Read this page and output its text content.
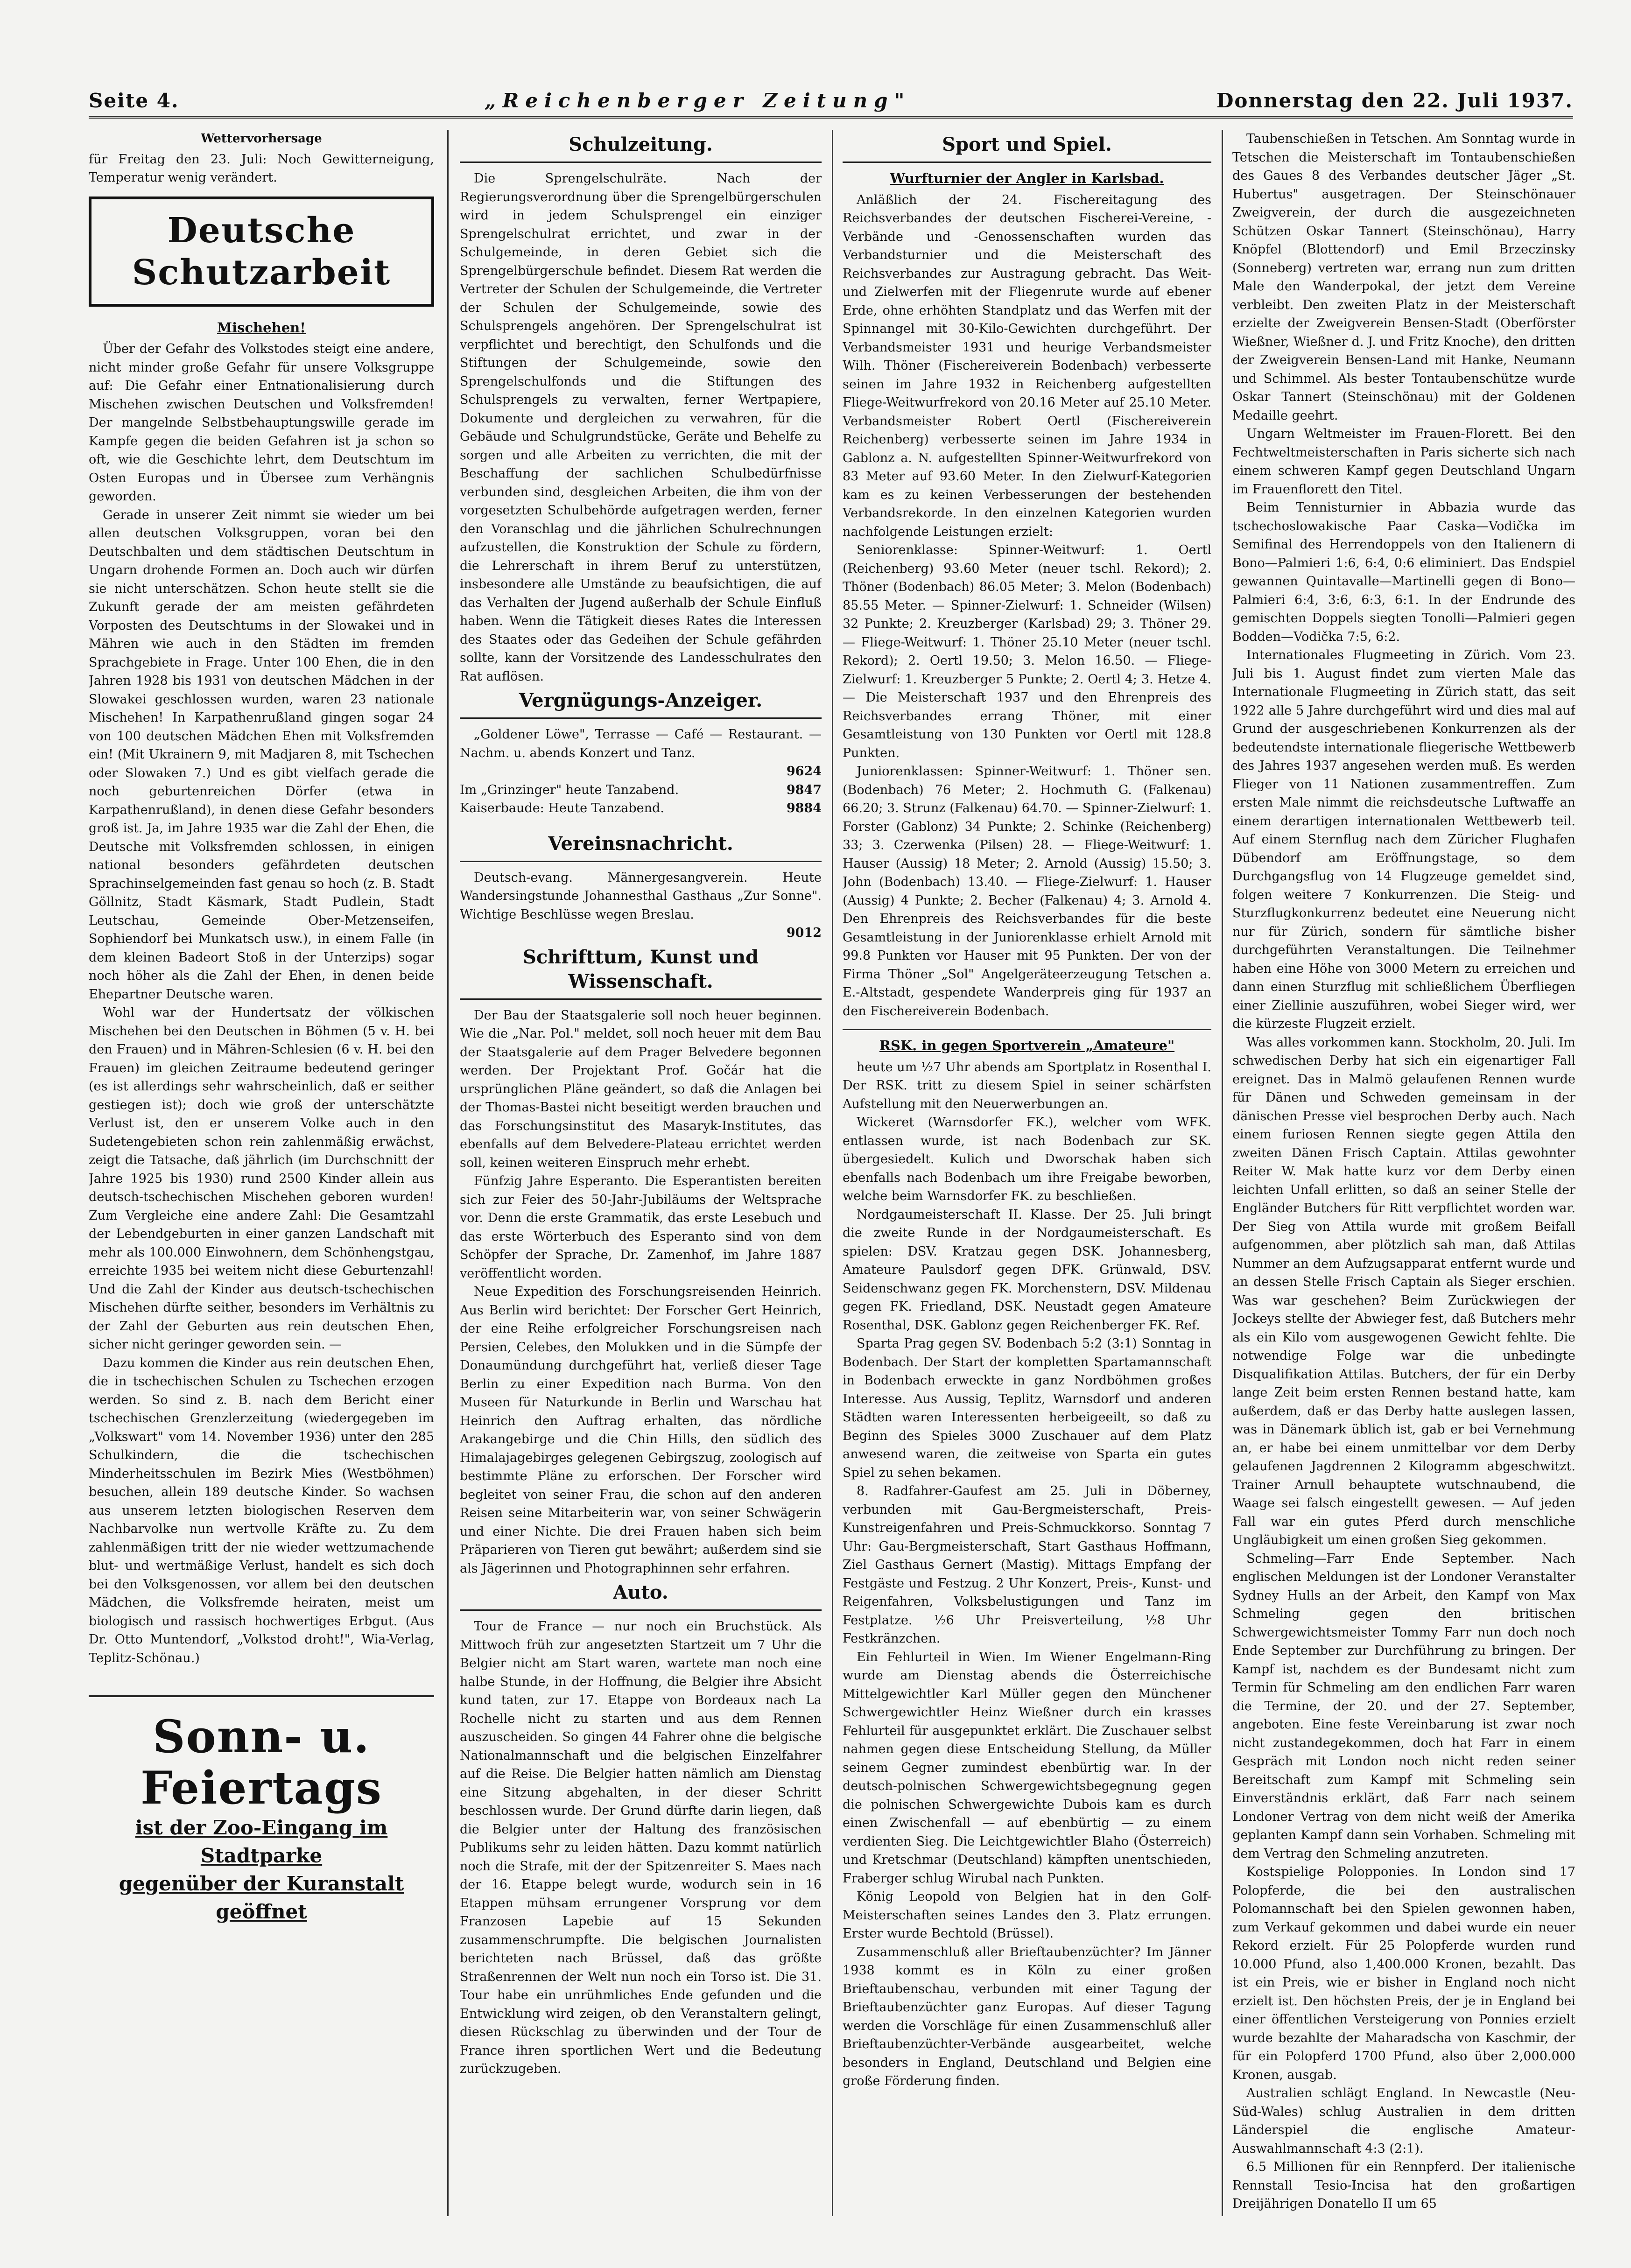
Seite 4.	„Reichenberger Zeitung"	Donnerstag den 22. Juli 1937.
Wettervorhersage

für Freitag den 23. Juli: Noch Gewitterneigung, Temperatur wenig verändert.

Deutsche Schutzarbeit
Mischehen!

Über der Gefahr des Volkstodes steigt eine andere, nicht minder große Gefahr für unsere Volksgruppe auf: Die Gefahr einer Entnationalisierung durch Mischehen zwischen Deutschen und Volksfremden! Der mangelnde Selbstbehauptungswille gerade im Kampfe gegen die beiden Gefahren ist ja schon so oft, wie die Geschichte lehrt, dem Deutschtum im Osten Europas und in Übersee zum Verhängnis geworden.

Gerade in unserer Zeit nimmt sie wieder um bei allen deutschen Volksgruppen, voran bei den Deutschbalten und dem städtischen Deutschtum in Ungarn drohende Formen an. Doch auch wir dürfen sie nicht unterschätzen. Schon heute stellt sie die Zukunft gerade der am meisten gefährdeten Vorposten des Deutschtums in der Slowakei und in Mähren wie auch in den Städten im fremden Sprachgebiete in Frage. Unter 100 Ehen, die in den Jahren 1928 bis 1931 von deutschen Mädchen in der Slowakei geschlossen wurden, waren 23 nationale Mischehen! In Karpathenrußland gingen sogar 24 von 100 deutschen Mädchen Ehen mit Volksfremden ein! (Mit Ukrainern 9, mit Madjaren 8, mit Tschechen oder Slowaken 7.) Und es gibt vielfach gerade die noch geburtenreichen Dörfer (etwa in Karpathenrußland), in denen diese Gefahr besonders groß ist. Ja, im Jahre 1935 war die Zahl der Ehen, die Deutsche mit Volksfremden schlossen, in einigen national besonders gefährdeten deutschen Sprachinselgemeinden fast genau so hoch (z. B. Stadt Göllnitz, Stadt Käsmark, Stadt Pudlein, Stadt Leutschau, Gemeinde Ober-Metzenseifen, Sophiendorf bei Munkatsch usw.), in einem Falle (in dem kleinen Badeort Stoß in der Unterzips) sogar noch höher als die Zahl der Ehen, in denen beide Ehepartner Deutsche waren.

Wohl war der Hundertsatz der völkischen Mischehen bei den Deutschen in Böhmen (5 v. H. bei den Frauen) und in Mähren-Schlesien (6 v. H. bei den Frauen) im gleichen Zeitraume bedeutend geringer (es ist allerdings sehr wahrscheinlich, daß er seither gestiegen ist); doch wie groß der unterschätzte Verlust ist, den er unserem Volke auch in den Sudetengebieten schon rein zahlenmäßig erwächst, zeigt die Tatsache, daß jährlich (im Durchschnitt der Jahre 1925 bis 1930) rund 2500 Kinder allein aus deutsch-tschechischen Mischehen geboren wurden! Zum Vergleiche eine andere Zahl: Die Gesamtzahl der Lebendgeburten in einer ganzen Landschaft mit mehr als 100.000 Einwohnern, dem Schönhengstgau, erreichte 1935 bei weitem nicht diese Geburtenzahl! Und die Zahl der Kinder aus deutsch-tschechischen Mischehen dürfte seither, besonders im Verhältnis zu der Zahl der Geburten aus rein deutschen Ehen, sicher nicht geringer geworden sein. —

Dazu kommen die Kinder aus rein deutschen Ehen, die in tschechischen Schulen zu Tschechen erzogen werden. So sind z. B. nach dem Bericht einer tschechischen Grenzlerzeitung (wiedergegeben im „Volkswart" vom 14. November 1936) unter den 285 Schulkindern, die die tschechischen Minderheitsschulen im Bezirk Mies (Westböhmen) besuchen, allein 189 deutsche Kinder. So wachsen aus unserem letzten biologischen Reserven dem Nachbarvolke nun wertvolle Kräfte zu. Zu dem zahlenmäßigen tritt der nie wieder wettzumachende blut- und wertmäßige Verlust, handelt es sich doch bei den Volksgenossen, vor allem bei den deutschen Mädchen, die Volksfremde heiraten, meist um biologisch und rassisch hochwertiges Erbgut. (Aus Dr. Otto Muntendorf, „Volkstod droht!", Wia-Verlag, Teplitz-Schönau.)

Sonn- u. Feiertags
ist der Zoo-Eingang im Stadtparke
gegenüber der Kuranstalt geöffnet
Schulzeitung.

Die Sprengelschulräte. Nach der Regierungsverordnung über die Sprengelbürgerschulen wird in jedem Schulsprengel ein einziger Sprengelschulrat errichtet, und zwar in der Schulgemeinde, in deren Gebiet sich die Sprengelbürgerschule befindet. Diesem Rat werden die Vertreter der Schulen der Schulgemeinde, die Vertreter der Schulen der Schulgemeinde, sowie des Schulsprengels angehören. Der Sprengelschulrat ist verpflichtet und berechtigt, den Schulfonds und die Stiftungen der Schulgemeinde, sowie den Sprengelschulfonds und die Stiftungen des Schulsprengels zu verwalten, ferner Wertpapiere, Dokumente und dergleichen zu verwahren, für die Gebäude und Schulgrundstücke, Geräte und Behelfe zu sorgen und alle Arbeiten zu verrichten, die mit der Beschaffung der sachlichen Schulbedürfnisse verbunden sind, desgleichen Arbeiten, die ihm von der vorgesetzten Schulbehörde aufgetragen werden, ferner den Voranschlag und die jährlichen Schulrechnungen aufzustellen, die Konstruktion der Schule zu fördern, die Lehrerschaft in ihrem Beruf zu unterstützen, insbesondere alle Umstände zu beaufsichtigen, die auf das Verhalten der Jugend außerhalb der Schule Einfluß haben. Wenn die Tätigkeit dieses Rates die Interessen des Staates oder das Gedeihen der Schule gefährden sollte, kann der Vorsitzende des Landesschulrates den Rat auflösen.

Vergnügungs-Anzeiger.

„Goldener Löwe", Terrasse — Café — Restaurant. — Nachm. u. abends Konzert und Tanz.

9624
Im „Grinzinger" heute Tanzabend.	9847
Kaiserbaude: Heute Tanzabend.	9884
Vereinsnachricht.

Deutsch-evang. Männergesangverein. Heute Wandersingstunde Johannesthal Gasthaus „Zur Sonne". Wichtige Beschlüsse wegen Breslau.

9012
Schrifttum, Kunst und Wissenschaft.

Der Bau der Staatsgalerie soll noch heuer beginnen. Wie die „Nar. Pol." meldet, soll noch heuer mit dem Bau der Staatsgalerie auf dem Prager Belvedere begonnen werden. Der Projektant Prof. Gočár hat die ursprünglichen Pläne geändert, so daß die Anlagen bei der Thomas-Bastei nicht beseitigt werden brauchen und das Forschungsinstitut des Masaryk-Institutes, das ebenfalls auf dem Belvedere-Plateau errichtet werden soll, keinen weiteren Einspruch mehr erhebt.

Fünfzig Jahre Esperanto. Die Esperantisten bereiten sich zur Feier des 50-Jahr-Jubiläums der Weltsprache vor. Denn die erste Grammatik, das erste Lesebuch und das erste Wörterbuch des Esperanto sind von dem Schöpfer der Sprache, Dr. Zamenhof, im Jahre 1887 veröffentlicht worden.

Neue Expedition des Forschungsreisenden Heinrich. Aus Berlin wird berichtet: Der Forscher Gert Heinrich, der eine Reihe erfolgreicher Forschungsreisen nach Persien, Celebes, den Molukken und in die Sümpfe der Donaumündung durchgeführt hat, verließ dieser Tage Berlin zu einer Expedition nach Burma. Von den Museen für Naturkunde in Berlin und Warschau hat Heinrich den Auftrag erhalten, das nördliche Arakangebirge und die Chin Hills, den südlich des Himalajagebirges gelegenen Gebirgszug, zoologisch auf bestimmte Pläne zu erforschen. Der Forscher wird begleitet von seiner Frau, die schon auf den anderen Reisen seine Mitarbeiterin war, von seiner Schwägerin und einer Nichte. Die drei Frauen haben sich beim Präparieren von Tieren gut bewährt; außerdem sind sie als Jägerinnen und Photographinnen sehr erfahren.

Auto.

Tour de France — nur noch ein Bruchstück. Als Mittwoch früh zur angesetzten Startzeit um 7 Uhr die Belgier nicht am Start waren, wartete man noch eine halbe Stunde, in der Hoffnung, die Belgier ihre Absicht kund taten, zur 17. Etappe von Bordeaux nach La Rochelle nicht zu starten und aus dem Rennen auszuscheiden. So gingen 44 Fahrer ohne die belgische Nationalmannschaft und die belgischen Einzelfahrer auf die Reise. Die Belgier hatten nämlich am Dienstag eine Sitzung abgehalten, in der dieser Schritt beschlossen wurde. Der Grund dürfte darin liegen, daß die Belgier unter der Haltung des französischen Publikums sehr zu leiden hätten. Dazu kommt natürlich noch die Strafe, mit der der Spitzenreiter S. Maes nach der 16. Etappe belegt wurde, wodurch sein in 16 Etappen mühsam errungener Vorsprung vor dem Franzosen Lapebie auf 15 Sekunden zusammenschrumpfte. Die belgischen Journalisten berichteten nach Brüssel, daß das größte Straßenrennen der Welt nun noch ein Torso ist. Die 31. Tour habe ein unrühmliches Ende gefunden und die Entwicklung wird zeigen, ob den Veranstaltern gelingt, diesen Rückschlag zu überwinden und der Tour de France ihren sportlichen Wert und die Bedeutung zurückzugeben.

Sport und Spiel.
Wurfturnier der Angler in Karlsbad.

Anläßlich der 24. Fischereitagung des Reichsverbandes der deutschen Fischerei-Vereine, -Verbände und -Genossenschaften wurden das Verbandsturnier und die Meisterschaft des Reichsverbandes zur Austragung gebracht. Das Weit- und Zielwerfen mit der Fliegenrute wurde auf ebener Erde, ohne erhöhten Standplatz und das Werfen mit der Spinnangel mit 30-Kilo-Gewichten durchgeführt. Der Verbandsmeister 1931 und heurige Verbandsmeister Wilh. Thöner (Fischereiverein Bodenbach) verbesserte seinen im Jahre 1932 in Reichenberg aufgestellten Fliege-Weitwurfrekord von 20.16 Meter auf 25.10 Meter. Verbandsmeister Robert Oertl (Fischereiverein Reichenberg) verbesserte seinen im Jahre 1934 in Gablonz a. N. aufgestellten Spinner-Weitwurfrekord von 83 Meter auf 93.60 Meter. In den Zielwurf-Kategorien kam es zu keinen Verbesserungen der bestehenden Verbandsrekorde. In den einzelnen Kategorien wurden nachfolgende Leistungen erzielt:

Seniorenklasse: Spinner-Weitwurf: 1. Oertl (Reichenberg) 93.60 Meter (neuer tschl. Rekord); 2. Thöner (Bodenbach) 86.05 Meter; 3. Melon (Bodenbach) 85.55 Meter. — Spinner-Zielwurf: 1. Schneider (Wilsen) 32 Punkte; 2. Kreuzberger (Karlsbad) 29; 3. Thöner 29. — Fliege-Weitwurf: 1. Thöner 25.10 Meter (neuer tschl. Rekord); 2. Oertl 19.50; 3. Melon 16.50. — Fliege-Zielwurf: 1. Kreuzberger 5 Punkte; 2. Oertl 4; 3. Hetze 4. — Die Meisterschaft 1937 und den Ehrenpreis des Reichsverbandes errang Thöner, mit einer Gesamtleistung von 130 Punkten vor Oertl mit 128.8 Punkten.

Juniorenklassen: Spinner-Weitwurf: 1. Thöner sen. (Bodenbach) 76 Meter; 2. Hochmuth G. (Falkenau) 66.20; 3. Strunz (Falkenau) 64.70. — Spinner-Zielwurf: 1. Forster (Gablonz) 34 Punkte; 2. Schinke (Reichenberg) 33; 3. Czerwenka (Pilsen) 28. — Fliege-Weitwurf: 1. Hauser (Aussig) 18 Meter; 2. Arnold (Aussig) 15.50; 3. John (Bodenbach) 13.40. — Fliege-Zielwurf: 1. Hauser (Aussig) 4 Punkte; 2. Becher (Falkenau) 4; 3. Arnold 4. Den Ehrenpreis des Reichsverbandes für die beste Gesamtleistung in der Juniorenklasse erhielt Arnold mit 99.8 Punkten vor Hauser mit 95 Punkten. Der von der Firma Thöner „Sol" Angelgeräteerzeugung Tetschen a. E.-Altstadt, gespendete Wanderpreis ging für 1937 an den Fischereiverein Bodenbach.

RSK. in gegen Sportverein „Amateure"

heute um ½7 Uhr abends am Sportplatz in Rosenthal I. Der RSK. tritt zu diesem Spiel in seiner schärfsten Aufstellung mit den Neuerwerbungen an.

Wickeret (Warnsdorfer FK.), welcher vom WFK. entlassen wurde, ist nach Bodenbach zur SK. übergesiedelt. Kulich und Dworschak haben sich ebenfalls nach Bodenbach um ihre Freigabe beworben, welche beim Warnsdorfer FK. zu beschließen.

Nordgaumeisterschaft II. Klasse. Der 25. Juli bringt die zweite Runde in der Nordgaumeisterschaft. Es spielen: DSV. Kratzau gegen DSK. Johannesberg, Amateure Paulsdorf gegen DFK. Grünwald, DSV. Seidenschwanz gegen FK. Morchenstern, DSV. Mildenau gegen FK. Friedland, DSK. Neustadt gegen Amateure Rosenthal, DSK. Gablonz gegen Reichenberger FK. Ref.

Sparta Prag gegen SV. Bodenbach 5:2 (3:1) Sonntag in Bodenbach. Der Start der kompletten Spartamannschaft in Bodenbach erweckte in ganz Nordböhmen großes Interesse. Aus Aussig, Teplitz, Warnsdorf und anderen Städten waren Interessenten herbeigeeilt, so daß zu Beginn des Spieles 3000 Zuschauer auf dem Platz anwesend waren, die zeitweise von Sparta ein gutes Spiel zu sehen bekamen.

8. Radfahrer-Gaufest am 25. Juli in Döberney, verbunden mit Gau-Bergmeisterschaft, Preis-Kunstreigenfahren und Preis-Schmuckkorso. Sonntag 7 Uhr: Gau-Bergmeisterschaft, Start Gasthaus Hoffmann, Ziel Gasthaus Gernert (Mastig). Mittags Empfang der Festgäste und Festzug. 2 Uhr Konzert, Preis-, Kunst- und Reigenfahren, Volksbelustigungen und Tanz im Festplatze. ½6 Uhr Preisverteilung, ½8 Uhr Festkränzchen.

Ein Fehlurteil in Wien. Im Wiener Engelmann-Ring wurde am Dienstag abends die Österreichische Mittelgewichtler Karl Müller gegen den Münchener Schwergewichtler Heinz Wießner durch ein krasses Fehlurteil für ausgepunktet erklärt. Die Zuschauer selbst nahmen gegen diese Entscheidung Stellung, da Müller seinem Gegner zumindest ebenbürtig war. In der deutsch-polnischen Schwergewichtsbegegnung gegen die polnischen Schwergewichte Dubois kam es durch einen Zwischenfall — auf ebenbürtig — zu einem verdienten Sieg. Die Leichtgewichtler Blaho (Österreich) und Kretschmar (Deutschland) kämpften unentschieden, Fraberger schlug Wirubal nach Punkten.

König Leopold von Belgien hat in den Golf-Meisterschaften seines Landes den 3. Platz errungen. Erster wurde Bechtold (Brüssel).

Zusammenschluß aller Brieftaubenzüchter? Im Jänner 1938 kommt es in Köln zu einer großen Brieftaubenschau, verbunden mit einer Tagung der Brieftaubenzüchter ganz Europas. Auf dieser Tagung werden die Vorschläge für einen Zusammenschluß aller Brieftaubenzüchter-Verbände ausgearbeitet, welche besonders in England, Deutschland und Belgien eine große Förderung finden.

Taubenschießen in Tetschen. Am Sonntag wurde in Tetschen die Meisterschaft im Tontaubenschießen des Gaues 8 des Verbandes deutscher Jäger „St. Hubertus" ausgetragen. Der Steinschönauer Zweigverein, der durch die ausgezeichneten Schützen Oskar Tannert (Steinschönau), Harry Knöpfel (Blottendorf) und Emil Brzeczinsky (Sonneberg) vertreten war, errang nun zum dritten Male den Wanderpokal, der jetzt dem Vereine verbleibt. Den zweiten Platz in der Meisterschaft erzielte der Zweigverein Bensen-Stadt (Oberförster Wießner, Wießner d. J. und Fritz Knoche), den dritten der Zweigverein Bensen-Land mit Hanke, Neumann und Schimmel. Als bester Tontaubenschütze wurde Oskar Tannert (Steinschönau) mit der Goldenen Medaille geehrt.

Ungarn Weltmeister im Frauen-Florett. Bei den Fechtweltmeisterschaften in Paris sicherte sich nach einem schweren Kampf gegen Deutschland Ungarn im Frauenflorett den Titel.

Beim Tennisturnier in Abbazia wurde das tschechoslowakische Paar Caska—Vodička im Semifinal des Herrendoppels von den Italienern di Bono—Palmieri 1:6, 6:4, 0:6 eliminiert. Das Endspiel gewannen Quintavalle—Martinelli gegen di Bono—Palmieri 6:4, 3:6, 6:3, 6:1. In der Endrunde des gemischten Doppels siegten Tonolli—Palmieri gegen Bodden—Vodička 7:5, 6:2.

Internationales Flugmeeting in Zürich. Vom 23. Juli bis 1. August findet zum vierten Male das Internationale Flugmeeting in Zürich statt, das seit 1922 alle 5 Jahre durchgeführt wird und dies mal auf Grund der ausgeschriebenen Konkurrenzen als der bedeutendste internationale fliegerische Wettbewerb des Jahres 1937 angesehen werden muß. Es werden Flieger von 11 Nationen zusammentreffen. Zum ersten Male nimmt die reichsdeutsche Luftwaffe an einem derartigen internationalen Wettbewerb teil. Auf einem Sternflug nach dem Züricher Flughafen Dübendorf am Eröffnungstage, so dem Durchgangsflug von 14 Flugzeuge gemeldet sind, folgen weitere 7 Konkurrenzen. Die Steig- und Sturzflugkonkurrenz bedeutet eine Neuerung nicht nur für Zürich, sondern für sämtliche bisher durchgeführten Veranstaltungen. Die Teilnehmer haben eine Höhe von 3000 Metern zu erreichen und dann einen Sturzflug mit schließlichem Überfliegen einer Ziellinie auszuführen, wobei Sieger wird, wer die kürzeste Flugzeit erzielt.

Was alles vorkommen kann. Stockholm, 20. Juli. Im schwedischen Derby hat sich ein eigenartiger Fall ereignet. Das in Malmö gelaufenen Rennen wurde für Dänen und Schweden gemeinsam in der dänischen Presse viel besprochen Derby auch. Nach einem furiosen Rennen siegte gegen Attila den zweiten Dänen Frisch Captain. Attilas gewohnter Reiter W. Mak hatte kurz vor dem Derby einen leichten Unfall erlitten, so daß an seiner Stelle der Engländer Butchers für Ritt verpflichtet worden war. Der Sieg von Attila wurde mit großem Beifall aufgenommen, aber plötzlich sah man, daß Attilas Nummer an dem Aufzugsapparat entfernt wurde und an dessen Stelle Frisch Captain als Sieger erschien. Was war geschehen? Beim Zurückwiegen der Jockeys stellte der Abwieger fest, daß Butchers mehr als ein Kilo vom ausgewogenen Gewicht fehlte. Die notwendige Folge war die unbedingte Disqualifikation Attilas. Butchers, der für ein Derby lange Zeit beim ersten Rennen bestand hatte, kam außerdem, daß er das Derby hatte auslegen lassen, was in Dänemark üblich ist, gab er bei Vernehmung an, er habe bei einem unmittelbar vor dem Derby gelaufenen Jagdrennen 2 Kilogramm abgeschwitzt. Trainer Arnull behauptete wutschnaubend, die Waage sei falsch eingestellt gewesen. — Auf jeden Fall war ein gutes Pferd durch menschliche Ungläubigkeit um einen großen Sieg gekommen.

Schmeling—Farr Ende September. Nach englischen Meldungen ist der Londoner Veranstalter Sydney Hulls an der Arbeit, den Kampf von Max Schmeling gegen den britischen Schwergewichtsmeister Tommy Farr nun doch noch Ende September zur Durchführung zu bringen. Der Kampf ist, nachdem es der Bundesamt nicht zum Termin für Schmeling am den endlichen Farr waren die Termine, der 20. und der 27. September, angeboten. Eine feste Vereinbarung ist zwar noch nicht zustandegekommen, doch hat Farr in einem Gespräch mit London noch nicht reden seiner Bereitschaft zum Kampf mit Schmeling sein Einverständnis erklärt, daß Farr nach seinem Londoner Vertrag von dem nicht weiß der Amerika geplanten Kampf dann sein Vorhaben. Schmeling mit dem Vertrag den Schmeling anzutreten.

Kostspielige Polopponies. In London sind 17 Polopferde, die bei den australischen Polomannschaft bei den Spielen gewonnen haben, zum Verkauf gekommen und dabei wurde ein neuer Rekord erzielt. Für 25 Polopferde wurden rund 10.000 Pfund, also 1,400.000 Kronen, bezahlt. Das ist ein Preis, wie er bisher in England noch nicht erzielt ist. Den höchsten Preis, der je in England bei einer öffentlichen Versteigerung von Ponnies erzielt wurde bezahlte der Maharadscha von Kaschmir, der für ein Polopferd 1700 Pfund, also über 2,000.000 Kronen, ausgab.

Australien schlägt England. In Newcastle (Neu-Süd-Wales) schlug Australien in dem dritten Länderspiel die englische Amateur-Auswahlmannschaft 4:3 (2:1).

6.5 Millionen für ein Rennpferd. Der italienische Rennstall Tesio-Incisa hat den großartigen Dreijährigen Donatello II um 65
